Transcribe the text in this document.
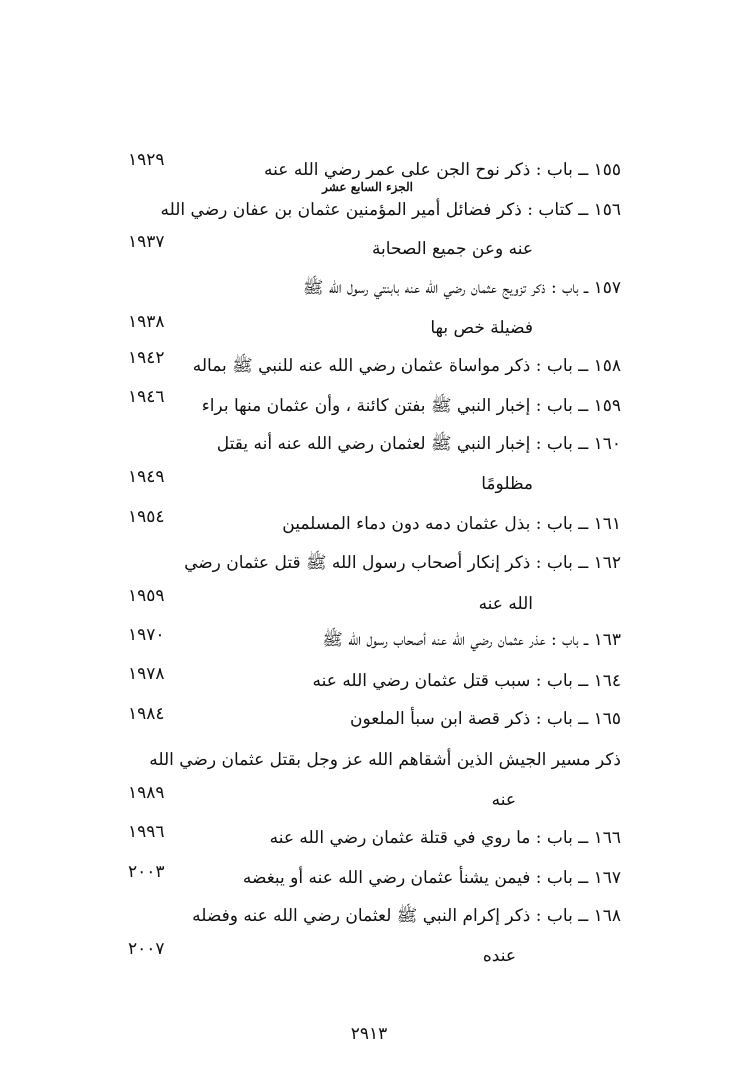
الجزء السابع عشر
١٥٥ ــ باب : ذكر نوح الجن على عمر رضي الله عنه
١٩٢٩
١٥٦ ــ كتاب : ذكر فضائل أمير المؤمنين عثمان بن عفان رضي الله
عنه وعن جميع الصحابة
١٩٣٧
١٥٧ ــ باب : ذكر تزويج عثمان رضي الله عنه بابنتي رسول الله ﷺ
فضيلة خص بها
١٩٣٨
١٥٨ ــ باب : ذكر مواساة عثمان رضي الله عنه للنبي ﷺ بماله
١٩٤٢
١٥٩ ــ باب : إخبار النبي ﷺ بفتن كائنة ، وأن عثمان منها براء
١٩٤٦
١٦٠ ــ باب : إخبار النبي ﷺ لعثمان رضي الله عنه أنه يقتل
مظلومًا
١٩٤٩
١٦١ ــ باب : بذل عثمان دمه دون دماء المسلمين
١٩٥٤
١٦٢ ــ باب : ذكر إنكار أصحاب رسول الله ﷺ قتل عثمان رضي
الله عنه
١٩٥٩
١٦٣ ــ باب : عذر عثمان رضي الله عنه أصحاب رسول الله ﷺ
١٩٧٠
١٦٤ ــ باب : سبب قتل عثمان رضي الله عنه
١٩٧٨
١٦٥ ــ باب : ذكر قصة ابن سبأ الملعون
١٩٨٤
ذكر مسير الجيش الذين أشقاهم الله عز وجل بقتل عثمان رضي الله
عنه
١٩٨٩
١٦٦ ــ باب : ما روي في قتلة عثمان رضي الله عنه
١٩٩٦
١٦٧ ــ باب : فيمن يشنأ عثمان رضي الله عنه أو يبغضه
٢٠٠٣
١٦٨ ــ باب : ذكر إكرام النبي ﷺ لعثمان رضي الله عنه وفضله
عنده
٢٠٠٧
٢٩١٣
